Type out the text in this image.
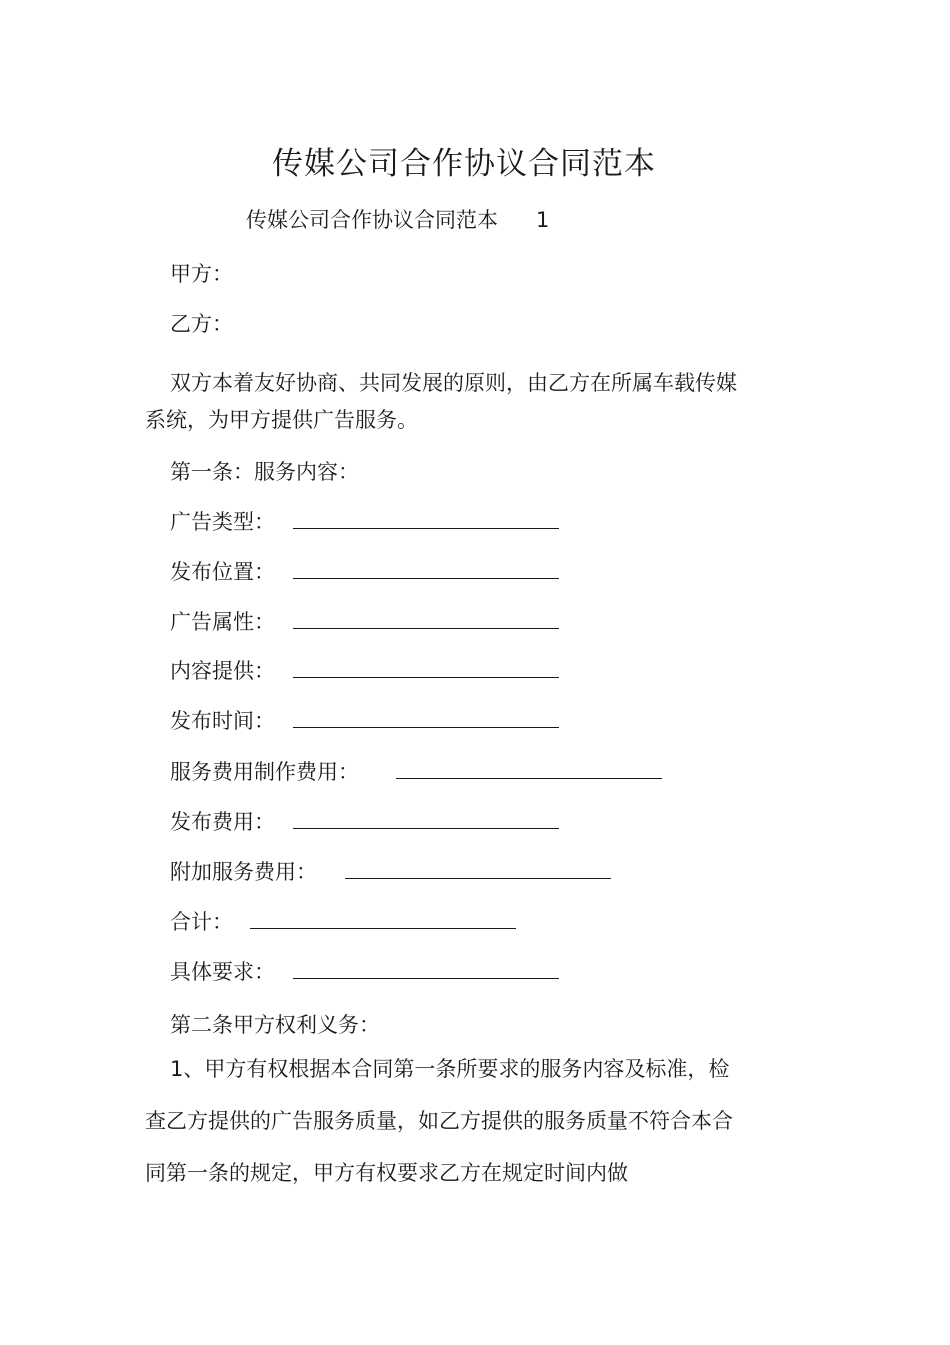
传媒公司合作协议合同范本
传媒公司合作协议合同范本 1
甲方：
乙方：
双方本着友好协商、共同发展的原则，由乙方在所属车载传媒系统，为甲方提供广告服务。
第一条：服务内容：
广告类型：
发布位置：
广告属性：
内容提供：
发布时间：
服务费用制作费用：
发布费用：
附加服务费用：
合计：
具体要求：
第二条甲方权利义务：
1、甲方有权根据本合同第一条所要求的服务内容及标准，检查乙方提供的广告服务质量，如乙方提供的服务质量不符合本合同第一条的规定，甲方有权要求乙方在规定时间内做
